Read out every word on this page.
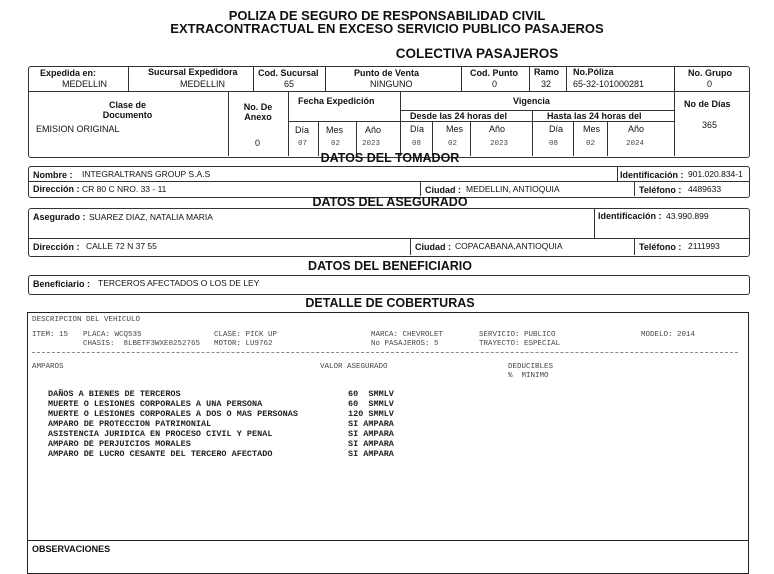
POLIZA DE SEGURO DE RESPONSABILIDAD CIVIL
EXTRACONTRACTUAL EN EXCESO SERVICIO PUBLICO PASAJEROS
COLECTIVA PASAJEROS
Expedida en:
MEDELLIN
Sucursal Expedidora
MEDELLIN
Cod. Sucursal
65
Punto de Venta
NINGUNO
Cod. Punto
0
Ramo
32
No.Póliza
65-32-101000281
No. Grupo
0
Clase de Documento
EMISION ORIGINAL
No. De Anexo
0
Fecha Expedición
Día Mes Año
07	02	2023
Vigencia
Desde las 24 horas del	Hasta las 24 horas del
Día Mes	Año
08	02	2023
Día Mes	Año
08	02	2024
No de Días
365
DATOS DEL TOMADOR
Nombre : INTEGRALTRANS GROUP S.A.S	Identificación : 901.020.834-1
Dirección : CR 80 C NRO. 33 - 11	Ciudad : MEDELLIN, ANTIOQUIA	Teléfono : 4489633
DATOS DEL ASEGURADO
Asegurado : SUAREZ DIAZ, NATALIA MARIA	Identificación : 43.990.899
Dirección : CALLE 72 N 37 55	Ciudad : COPACABANA,ANTIOQUIA	Teléfono : 2111993
DATOS DEL BENEFICIARIO
Beneficiario : TERCEROS AFECTADOS O LOS DE LEY
DETALLE DE COBERTURAS
DESCRIPCION DEL VEHICULO
ITEM: 15 PLACA: WCQ535	CLASE: PICK UP	MARCA: CHEVROLET	SERVICIO: PUBLICO	MODELO: 2014
CHASIS:  8LBETF3WXE0252765 MOTOR: LU9762	No PASAJEROS: 5	TRAYECTO: ESPECIAL
AMPAROS	VALOR ASEGURADO	DEDUCIBLES
%  MINIMO
DAÑOS A BIENES DE TERCEROS	60  SMMLV
MUERTE O LESIONES CORPORALES A UNA PERSONA	60  SMMLV
MUERTE O LESIONES CORPORALES A DOS O MAS PERSONAS	120 SMMLV
AMPARO DE PROTECCION PATRIMONIAL	SI AMPARA
ASISTENCIA JURIDICA EN PROCESO CIVIL Y PENAL	SI AMPARA
AMPARO DE PERJUICIOS MORALES	SI AMPARA
AMPARO DE LUCRO CESANTE DEL TERCERO AFECTADO	SI AMPARA
OBSERVACIONES
